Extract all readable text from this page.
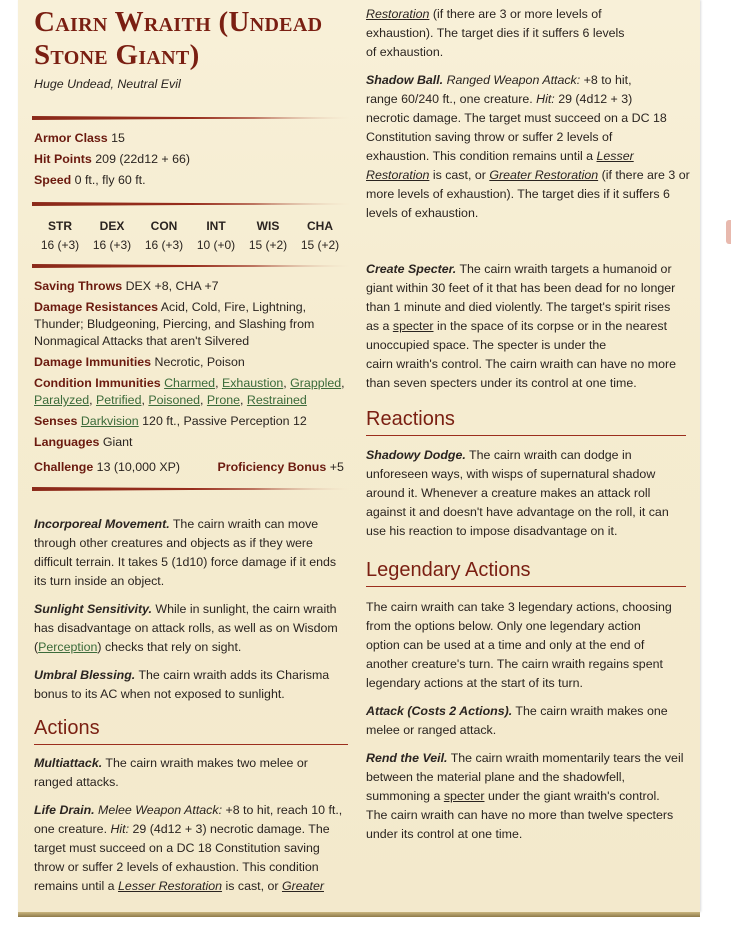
Cairn Wraith (Undead
Stone Giant)
Huge Undead, Neutral Evil
Armor Class 15
Hit Points 209 (22d12 + 66)
Speed 0 ft., fly 60 ft.
STR
16 (+3)
DEX
16 (+3)
CON
16 (+3)
INT
10 (+0)
WIS
15 (+2)
CHA
15 (+2)
Saving Throws DEX +8, CHA +7
Damage Resistances Acid, Cold, Fire, Lightning,
Thunder; Bludgeoning, Piercing, and Slashing from
Nonmagical Attacks that aren't Silvered
Damage Immunities Necrotic, Poison
Condition Immunities Charmed, Exhaustion, Grappled,
Paralyzed, Petrified, Poisoned, Prone, Restrained
Senses Darkvision 120 ft., Passive Perception 12
Languages Giant
Challenge 13 (10,000 XP)	Proficiency Bonus +5
Incorporeal Movement. The cairn wraith can move
through other creatures and objects as if they were
difficult terrain. It takes 5 (1d10) force damage if it ends
its turn inside an object.
Sunlight Sensitivity. While in sunlight, the cairn wraith
has disadvantage on attack rolls, as well as on Wisdom
(Perception) checks that rely on sight.
Umbral Blessing. The cairn wraith adds its Charisma
bonus to its AC when not exposed to sunlight.
Actions
Multiattack. The cairn wraith makes two melee or
ranged attacks.
Life Drain. Melee Weapon Attack: +8 to hit, reach 10 ft.,
one creature. Hit: 29 (4d12 + 3) necrotic damage. The
target must succeed on a DC 18 Constitution saving
throw or suffer 2 levels of exhaustion. This condition
remains until a Lesser Restoration is cast, or Greater
Restoration (if there are 3 or more levels of
exhaustion). The target dies if it suffers 6 levels
of exhaustion.
Shadow Ball. Ranged Weapon Attack: +8 to hit,
range 60/240 ft., one creature. Hit: 29 (4d12 + 3)
necrotic damage. The target must succeed on a DC 18
Constitution saving throw or suffer 2 levels of
exhaustion. This condition remains until a Lesser
Restoration is cast, or Greater Restoration (if there are 3 or
more levels of exhaustion). The target dies if it suffers 6
levels of exhaustion.
Create Specter. The cairn wraith targets a humanoid or
giant within 30 feet of it that has been dead for no longer
than 1 minute and died violently. The target's spirit rises
as a specter in the space of its corpse or in the nearest
unoccupied space. The specter is under the
cairn wraith's control. The cairn wraith can have no more
than seven specters under its control at one time.
Reactions
Shadowy Dodge. The cairn wraith can dodge in
unforeseen ways, with wisps of supernatural shadow
around it. Whenever a creature makes an attack roll
against it and doesn't have advantage on the roll, it can
use his reaction to impose disadvantage on it.
Legendary Actions
The cairn wraith can take 3 legendary actions, choosing
from the options below. Only one legendary action
option can be used at a time and only at the end of
another creature's turn. The cairn wraith regains spent
legendary actions at the start of its turn.
Attack (Costs 2 Actions). The cairn wraith makes one
melee or ranged attack.
Rend the Veil. The cairn wraith momentarily tears the veil
between the material plane and the shadowfell,
summoning a specter under the giant wraith's control.
The cairn wraith can have no more than twelve specters
under its control at one time.
